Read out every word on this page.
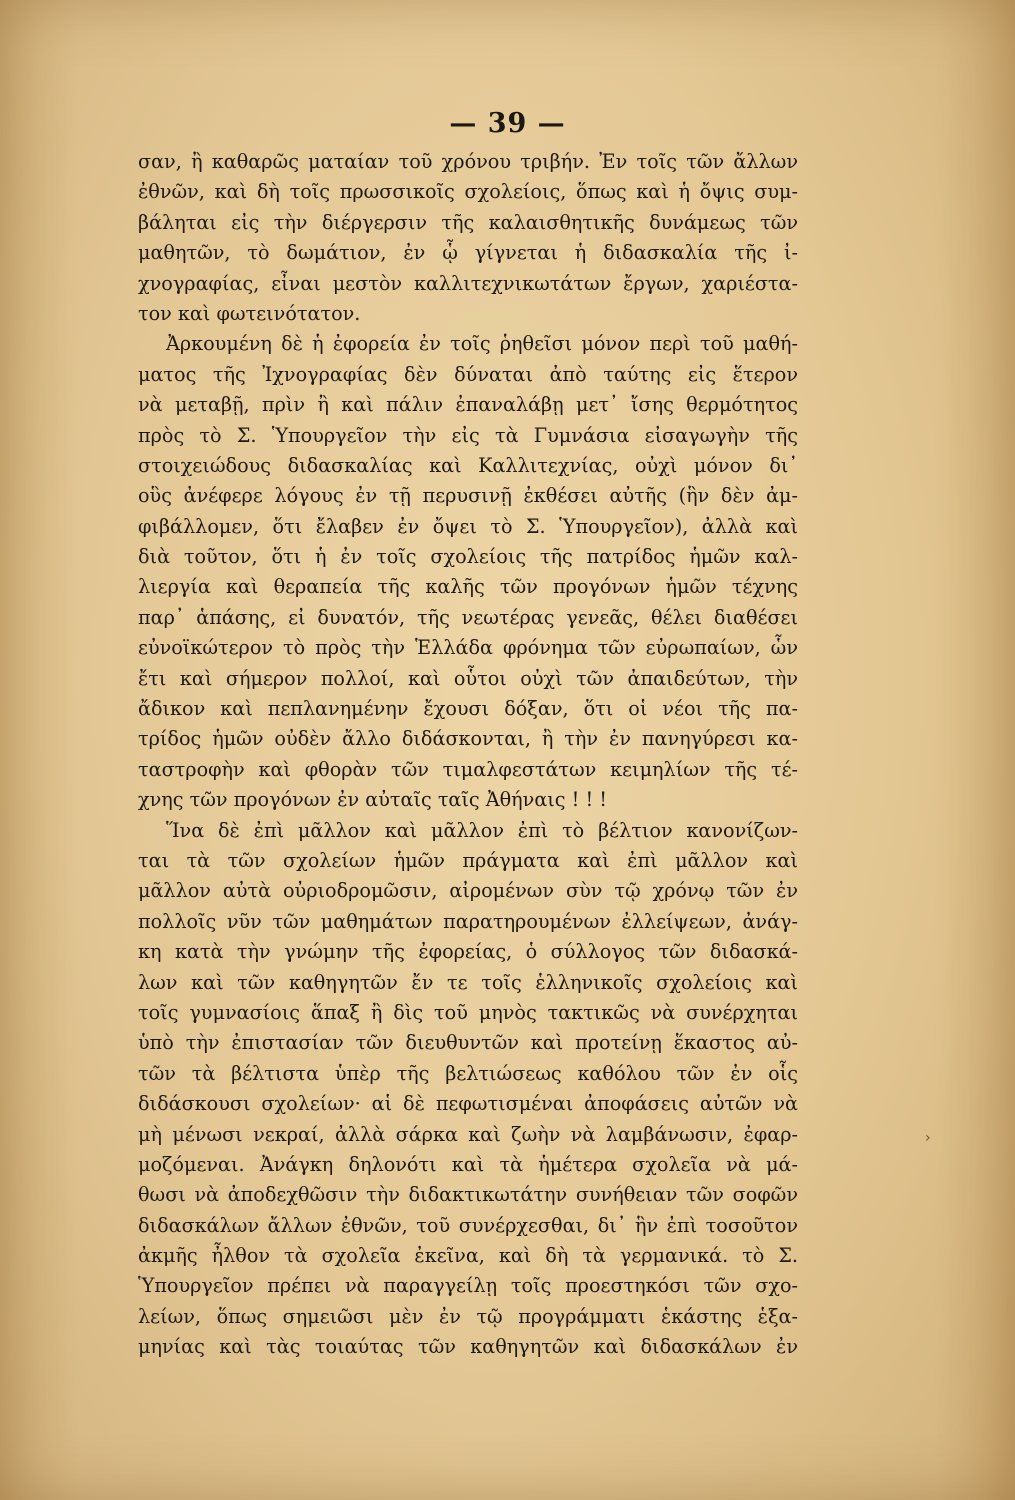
— 39 —
σαν, ἢ καθαρῶς ματαίαν τοῦ χρόνου τριβήν. Ἐν τοῖς τῶν ἄλλων
ἐθνῶν, καὶ δὴ τοῖς πρωσσικοῖς σχολείοις, ὅπως καὶ ἡ ὄψις συμ-
βάληται εἰς τὴν διέργερσιν τῆς καλαισθητικῆς δυνάμεως τῶν
μαθητῶν, τὸ δωμάτιον, ἐν ᾧ γίγνεται ἡ διδασκαλία τῆς ἰ-
χνογραφίας, εἶναι μεστὸν καλλιτεχνικωτάτων ἔργων, χαριέστα-
τον καὶ φωτεινότατον.
Ἀρκουμένη δὲ ἡ ἐφορεία ἐν τοῖς ῥηθεῖσι μόνον περὶ τοῦ μαθή-
ματος τῆς Ἰχνογραφίας δὲν δύναται ἀπὸ ταύτης εἰς ἕτερον
νὰ μεταβῇ, πρὶν ἢ καὶ πάλιν ἐπαναλάβῃ μετ᾽ ἴσης θερμότητος
πρὸς τὸ Σ. Ὑπουργεῖον τὴν εἰς τὰ Γυμνάσια εἰσαγωγὴν τῆς
στοιχειώδους διδασκαλίας καὶ Καλλιτεχνίας, οὐχὶ μόνον δι᾽
οὓς ἀνέφερε λόγους ἐν τῇ περυσινῇ ἐκθέσει αὐτῆς (ἣν δὲν ἀμ-
φιβάλλομεν, ὅτι ἔλαβεν ἐν ὄψει τὸ Σ. Ὑπουργεῖον), ἀλλὰ καὶ
διὰ τοῦτον, ὅτι ἡ ἐν τοῖς σχολείοις τῆς πατρίδος ἡμῶν καλ-
λιεργία καὶ θεραπεία τῆς καλῆς τῶν προγόνων ἡμῶν τέχνης
παρ᾽ ἁπάσης, εἰ δυνατόν, τῆς νεωτέρας γενεᾶς, θέλει διαθέσει
εὐνοϊκώτερον τὸ πρὸς τὴν Ἑλλάδα φρόνημα τῶν εὐρωπαίων, ὧν
ἔτι καὶ σήμερον πολλοί, καὶ οὗτοι οὐχὶ τῶν ἀπαιδεύτων, τὴν
ἄδικον καὶ πεπλανημένην ἔχουσι δόξαν, ὅτι οἱ νέοι τῆς πα-
τρίδος ἡμῶν οὐδὲν ἄλλο διδάσκονται, ἢ τὴν ἐν πανηγύρεσι κα-
ταστροφὴν καὶ φθορὰν τῶν τιμαλφεστάτων κειμηλίων τῆς τέ-
χνης τῶν προγόνων ἐν αὐταῖς ταῖς Ἀθήναις ! ! !
Ἵνα δὲ ἐπὶ μᾶλλον καὶ μᾶλλον ἐπὶ τὸ βέλτιον κανονίζων-
ται τὰ τῶν σχολείων ἡμῶν πράγματα καὶ ἐπὶ μᾶλλον καὶ
μᾶλλον αὐτὰ οὐριοδρομῶσιν, αἰρομένων σὺν τῷ χρόνῳ τῶν ἐν
πολλοῖς νῦν τῶν μαθημάτων παρατηρουμένων ἐλλείψεων, ἀνάγ-
κη κατὰ τὴν γνώμην τῆς ἐφορείας, ὁ σύλλογος τῶν διδασκά-
λων καὶ τῶν καθηγητῶν ἔν τε τοῖς ἑλληνικοῖς σχολείοις καὶ
τοῖς γυμνασίοις ἅπαξ ἢ δὶς τοῦ μηνὸς τακτικῶς νὰ συνέρχηται
ὑπὸ τὴν ἐπιστασίαν τῶν διευθυντῶν καὶ προτείνῃ ἕκαστος αὐ-
τῶν τὰ βέλτιστα ὑπὲρ τῆς βελτιώσεως καθόλου τῶν ἐν οἷς
διδάσκουσι σχολείων· αἱ δὲ πεφωτισμέναι ἀποφάσεις αὐτῶν νὰ
μὴ μένωσι νεκραί, ἀλλὰ σάρκα καὶ ζωὴν νὰ λαμβάνωσιν, ἐφαρ-
μοζόμεναι. Ἀνάγκη δηλονότι καὶ τὰ ἡμέτερα σχολεῖα νὰ μά-
θωσι νὰ ἀποδεχθῶσιν τὴν διδακτικωτάτην συνήθειαν τῶν σοφῶν
διδασκάλων ἄλλων ἐθνῶν, τοῦ συνέρχεσθαι, δι᾽ ἣν ἐπὶ τοσοῦτον
ἀκμῆς ἦλθον τὰ σχολεῖα ἐκεῖνα, καὶ δὴ τὰ γερμανικά. τὸ Σ.
Ὑπουργεῖον πρέπει νὰ παραγγείλῃ τοῖς προεστηκόσι τῶν σχο-
λείων, ὅπως σημειῶσι μὲν ἐν τῷ προγράμματι ἑκάστης ἑξα-
μηνίας καὶ τὰς τοιαύτας τῶν καθηγητῶν καὶ διδασκάλων ἐν
›
